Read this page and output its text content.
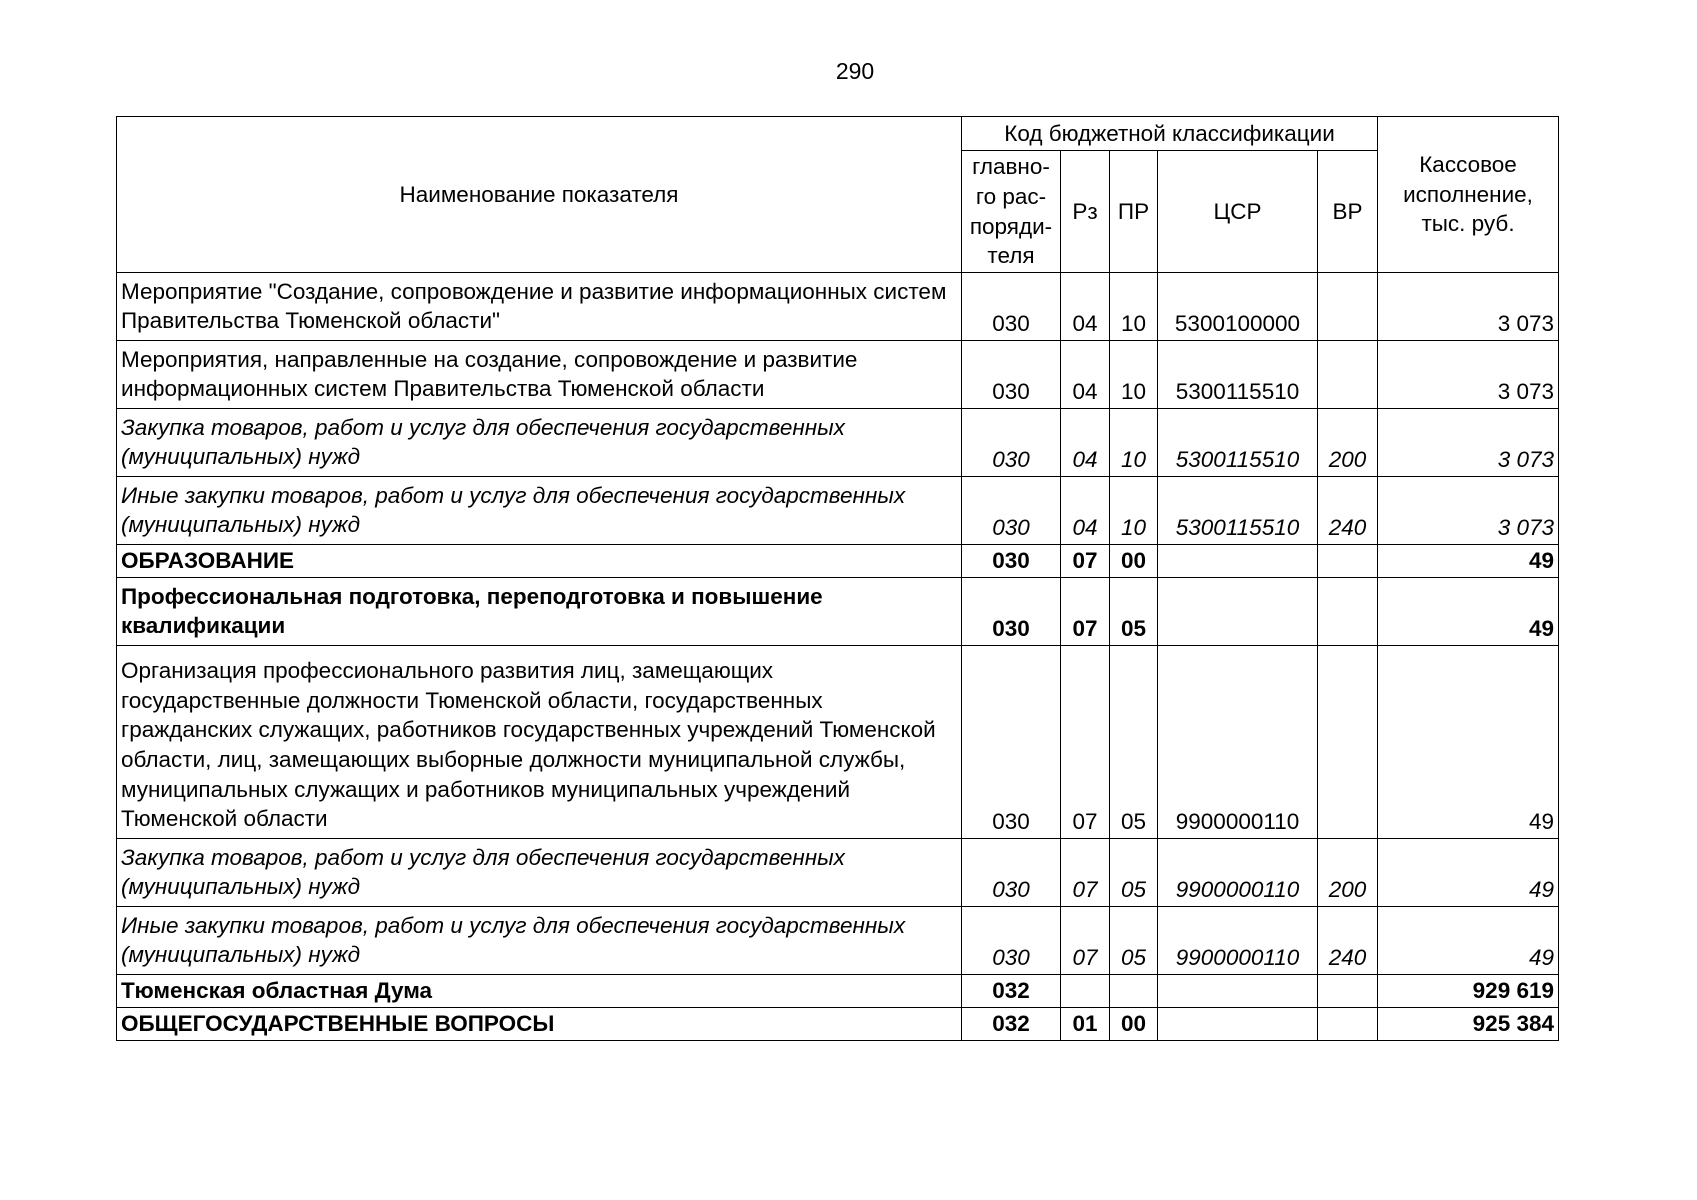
290
Наименование показателя	Код бюджетной классификации					Кассовое исполнение, тыс. руб.
	главно-
го рас-
поряди-
теля	Рз	ПР	ЦСР	ВР	
Мероприятие "Создание, сопровождение и развитие информационных систем Правительства Тюменской области"	030	04	10	5300100000		3 073
Мероприятия, направленные на создание, сопровождение и развитие информационных систем Правительства Тюменской области	030	04	10	5300115510		3 073
Закупка товаров, работ и услуг для обеспечения государственных (муниципальных) нужд	030	04	10	5300115510	200	3 073
Иные закупки товаров, работ и услуг для обеспечения государственных (муниципальных) нужд	030	04	10	5300115510	240	3 073
ОБРАЗОВАНИЕ	030	07	00			49
Профессиональная подготовка, переподготовка и повышение квалификации	030	07	05			49
Организация профессионального развития лиц, замещающих государственные должности Тюменской области, государственных гражданских служащих, работников государственных учреждений Тюменской области, лиц, замещающих выборные должности муниципальной службы, муниципальных служащих и работников муниципальных учреждений Тюменской области	030	07	05	9900000110		49
Закупка товаров, работ и услуг для обеспечения государственных (муниципальных) нужд	030	07	05	9900000110	200	49
Иные закупки товаров, работ и услуг для обеспечения государственных (муниципальных) нужд	030	07	05	9900000110	240	49
Тюменская областная Дума	032					929 619
ОБЩЕГОСУДАРСТВЕННЫЕ ВОПРОСЫ	032	01	00			925 384
